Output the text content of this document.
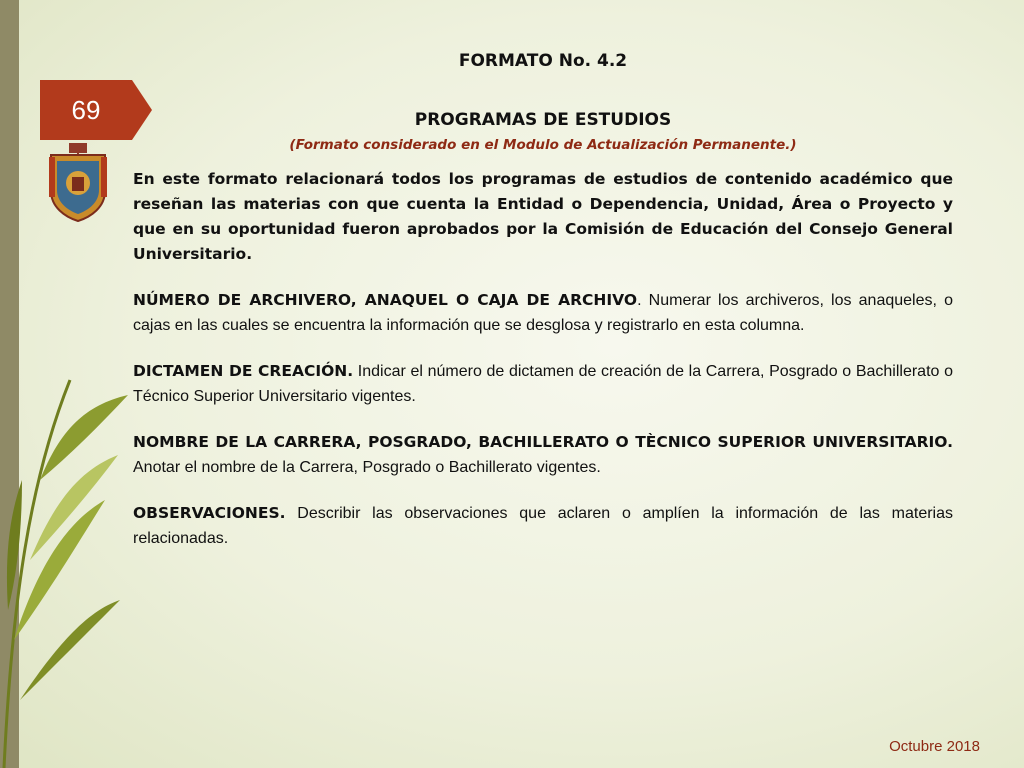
69

FORMATO No. 4.2

PROGRAMAS DE ESTUDIOS

(Formato considerado en el Modulo de Actualización Permanente.)

En este formato relacionará todos los programas de estudios de contenido académico que reseñan las materias con que cuenta la Entidad o Dependencia, Unidad, Área o Proyecto y que en su oportunidad fueron aprobados por la Comisión de Educación del Consejo General Universitario.

NÚMERO DE ARCHIVERO, ANAQUEL O CAJA DE ARCHIVO. Numerar los archiveros, los anaqueles, o cajas en las cuales se encuentra la información que se desglosa y registrarlo en esta columna.

DICTAMEN DE CREACIÓN. Indicar el número de dictamen de creación de la Carrera, Posgrado o Bachillerato o Técnico Superior Universitario vigentes.

NOMBRE DE LA CARRERA, POSGRADO, BACHILLERATO O TÈCNICO SUPERIOR UNIVERSITARIO. Anotar el nombre de la Carrera, Posgrado o Bachillerato vigentes.

OBSERVACIONES. Describir las observaciones que aclaren o amplíen la información de las materias relacionadas.

Octubre 2018
